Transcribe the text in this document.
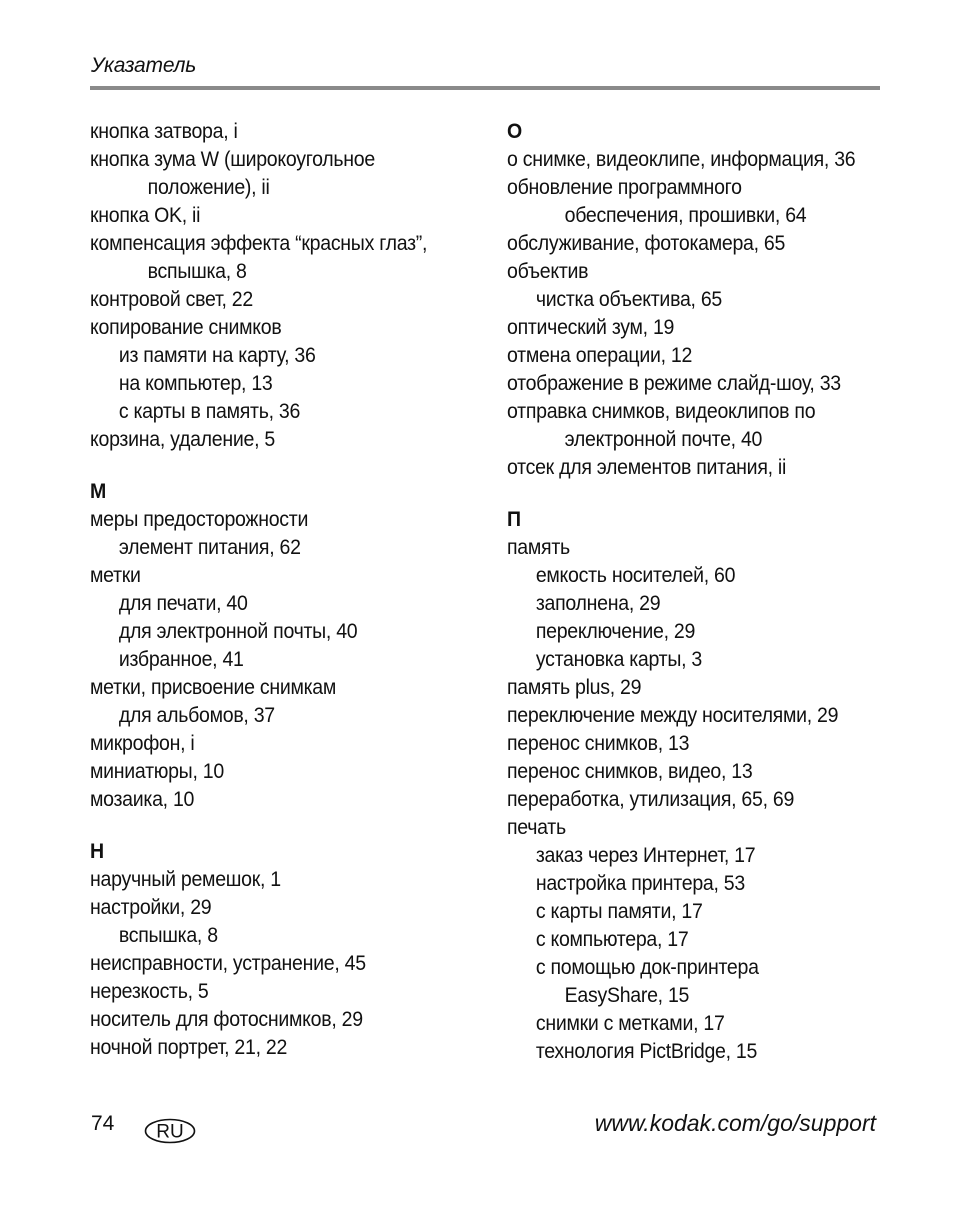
Указатель
кнопка затвора, i
кнопка зума W (широкоугольное
положение), ii
кнопка OK, ii
компенсация эффекта “красных глаз”,
вспышка, 8
контровой свет, 22
копирование снимков
из памяти на карту, 36
на компьютер, 13
с карты в память, 36
корзина, удаление, 5
М
меры предосторожности
элемент питания, 62
метки
для печати, 40
для электронной почты, 40
избранное, 41
метки, присвоение снимкам
для альбомов, 37
микрофон, i
миниатюры, 10
мозаика, 10
Н
наручный ремешок, 1
настройки, 29
вспышка, 8
неисправности, устранение, 45
нерезкость, 5
носитель для фотоснимков, 29
ночной портрет, 21, 22
О
о снимке, видеоклипе, информация, 36
обновление программного
обеспечения, прошивки, 64
обслуживание, фотокамера, 65
объектив
чистка объектива, 65
оптический зум, 19
отмена операции, 12
отображение в режиме слайд-шоу, 33
отправка снимков, видеоклипов по
электронной почте, 40
отсек для элементов питания, ii
П
память
емкость носителей, 60
заполнена, 29
переключение, 29
установка карты, 3
память plus, 29
переключение между носителями, 29
перенос снимков, 13
перенос снимков, видео, 13
переработка, утилизация, 65, 69
печать
заказ через Интернет, 17
настройка принтера, 53
с карты памяти, 17
с компьютера, 17
с помощью док-принтера
EasyShare, 15
снимки с метками, 17
технология PictBridge, 15
74 RU	www.kodak.com/go/support
